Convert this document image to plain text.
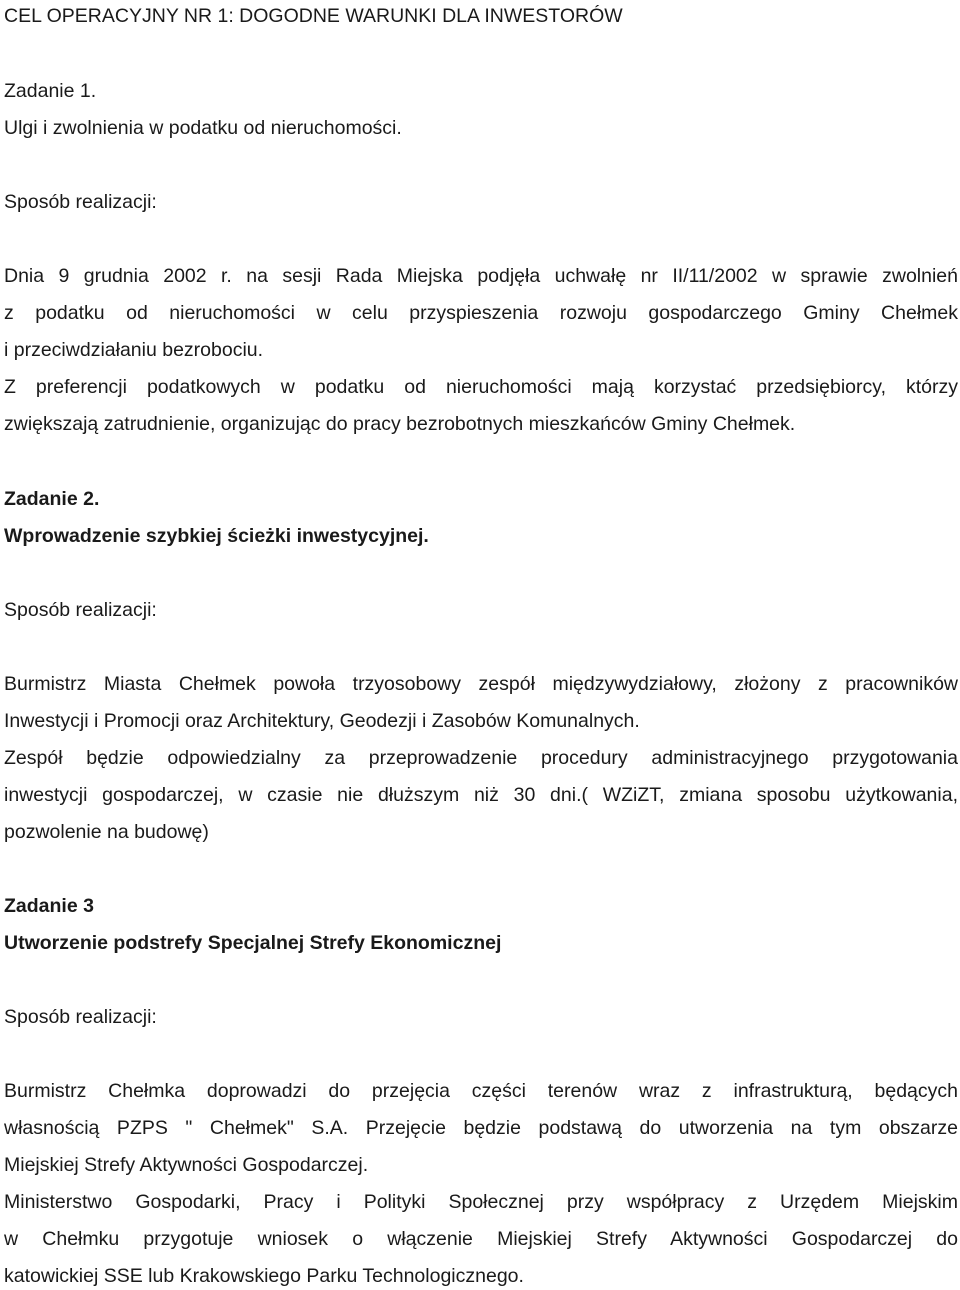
CEL OPERACYJNY NR 1: DOGODNE WARUNKI DLA INWESTORÓW
Zadanie 1.
Ulgi i zwolnienia w podatku od nieruchomości.
Sposób realizacji:
Dnia 9 grudnia 2002 r. na sesji Rada Miejska podjęła uchwałę nr II/11/2002 w sprawie zwolnień
z podatku od nieruchomości w celu przyspieszenia rozwoju gospodarczego Gminy Chełmek
i przeciwdziałaniu bezrobociu.
Z preferencji podatkowych w podatku od nieruchomości mają korzystać przedsiębiorcy, którzy
zwiększają zatrudnienie, organizując do pracy bezrobotnych mieszkańców Gminy Chełmek.
Zadanie 2.
Wprowadzenie szybkiej ścieżki inwestycyjnej.
Sposób realizacji:
Burmistrz Miasta Chełmek powoła trzyosobowy zespół międzywydziałowy, złożony z pracowników
Inwestycji i Promocji oraz Architektury, Geodezji i Zasobów Komunalnych.
Zespół będzie odpowiedzialny za przeprowadzenie procedury administracyjnego przygotowania
inwestycji gospodarczej, w czasie nie dłuższym niż 30 dni.( WZiZT, zmiana sposobu użytkowania,
pozwolenie na budowę)
Zadanie 3
Utworzenie podstrefy Specjalnej Strefy Ekonomicznej
Sposób realizacji:
Burmistrz Chełmka doprowadzi do przejęcia części terenów wraz z infrastrukturą, będących
własnością PZPS " Chełmek" S.A. Przejęcie będzie podstawą do utworzenia na tym obszarze
Miejskiej Strefy Aktywności Gospodarczej.
Ministerstwo Gospodarki, Pracy i Polityki Społecznej przy współpracy z Urzędem Miejskim
w Chełmku przygotuje wniosek o włączenie Miejskiej Strefy Aktywności Gospodarczej do
katowickiej SSE lub Krakowskiego Parku Technologicznego.
